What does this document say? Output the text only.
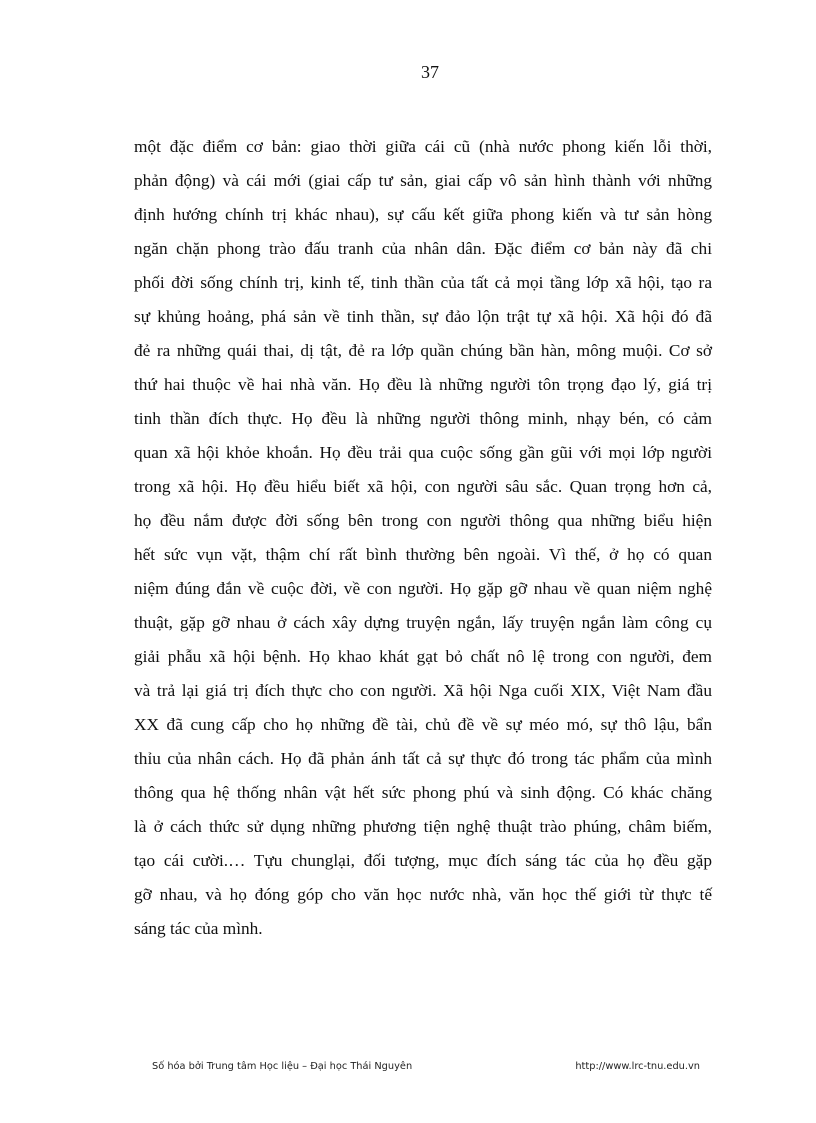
37
một đặc điểm cơ bản: giao thời giữa cái cũ (nhà nước phong kiến lỗi thời,
phản động) và cái mới (giai cấp tư sản, giai cấp vô sản hình thành với những
định hướng chính trị khác nhau), sự cấu kết giữa phong kiến và tư sản hòng
ngăn chặn phong trào đấu tranh của nhân dân. Đặc điểm cơ bản này đã chi
phối đời sống chính trị, kinh tế, tinh thần của tất cả mọi tầng lớp xã hội, tạo ra
sự khủng hoảng, phá sản về tinh thần, sự đảo lộn trật tự xã hội. Xã hội đó đã
đẻ ra những quái thai, dị tật, đẻ ra lớp quần chúng bần hàn, mông muội. Cơ sở
thứ hai thuộc về hai nhà văn. Họ đều là những người tôn trọng đạo lý, giá trị
tinh thần đích thực. Họ đều là những người thông minh, nhạy bén, có cảm
quan xã hội khỏe khoắn. Họ đều trải qua cuộc sống gần gũi với mọi lớp người
trong xã hội. Họ đều hiểu biết xã hội, con người sâu sắc. Quan trọng hơn cả,
họ đều nắm được đời sống bên trong con người thông qua những biểu hiện
hết sức vụn vặt, thậm chí rất bình thường bên ngoài. Vì thế, ở họ có quan
niệm đúng đắn về cuộc đời, về con người. Họ gặp gỡ nhau về quan niệm nghệ
thuật, gặp gỡ nhau ở cách xây dựng truyện ngắn, lấy truyện ngắn làm công cụ
giải phẫu xã hội bệnh. Họ khao khát gạt bỏ chất nô lệ trong con người, đem
và trả lại giá trị đích thực cho con người. Xã hội Nga cuối XIX, Việt Nam đầu
XX đã cung cấp cho họ những đề tài, chủ đề về sự méo mó, sự thô lậu, bẩn
thỉu của nhân cách. Họ đã phản ánh tất cả sự thực đó trong tác phẩm của mình
thông qua hệ thống nhân vật hết sức phong phú và sinh động. Có khác chăng
là ở cách thức sử dụng những phương tiện nghệ thuật trào phúng, châm biếm,
tạo cái cười.… Tựu chunglại, đối tượng, mục đích sáng tác của họ đều gặp
gỡ nhau, và họ đóng góp cho văn học nước nhà, văn học thế giới từ thực tế
sáng tác của mình.
Số hóa bởi Trung tâm Học liệu – Đại học Thái Nguyên	http://www.lrc-tnu.edu.vn
